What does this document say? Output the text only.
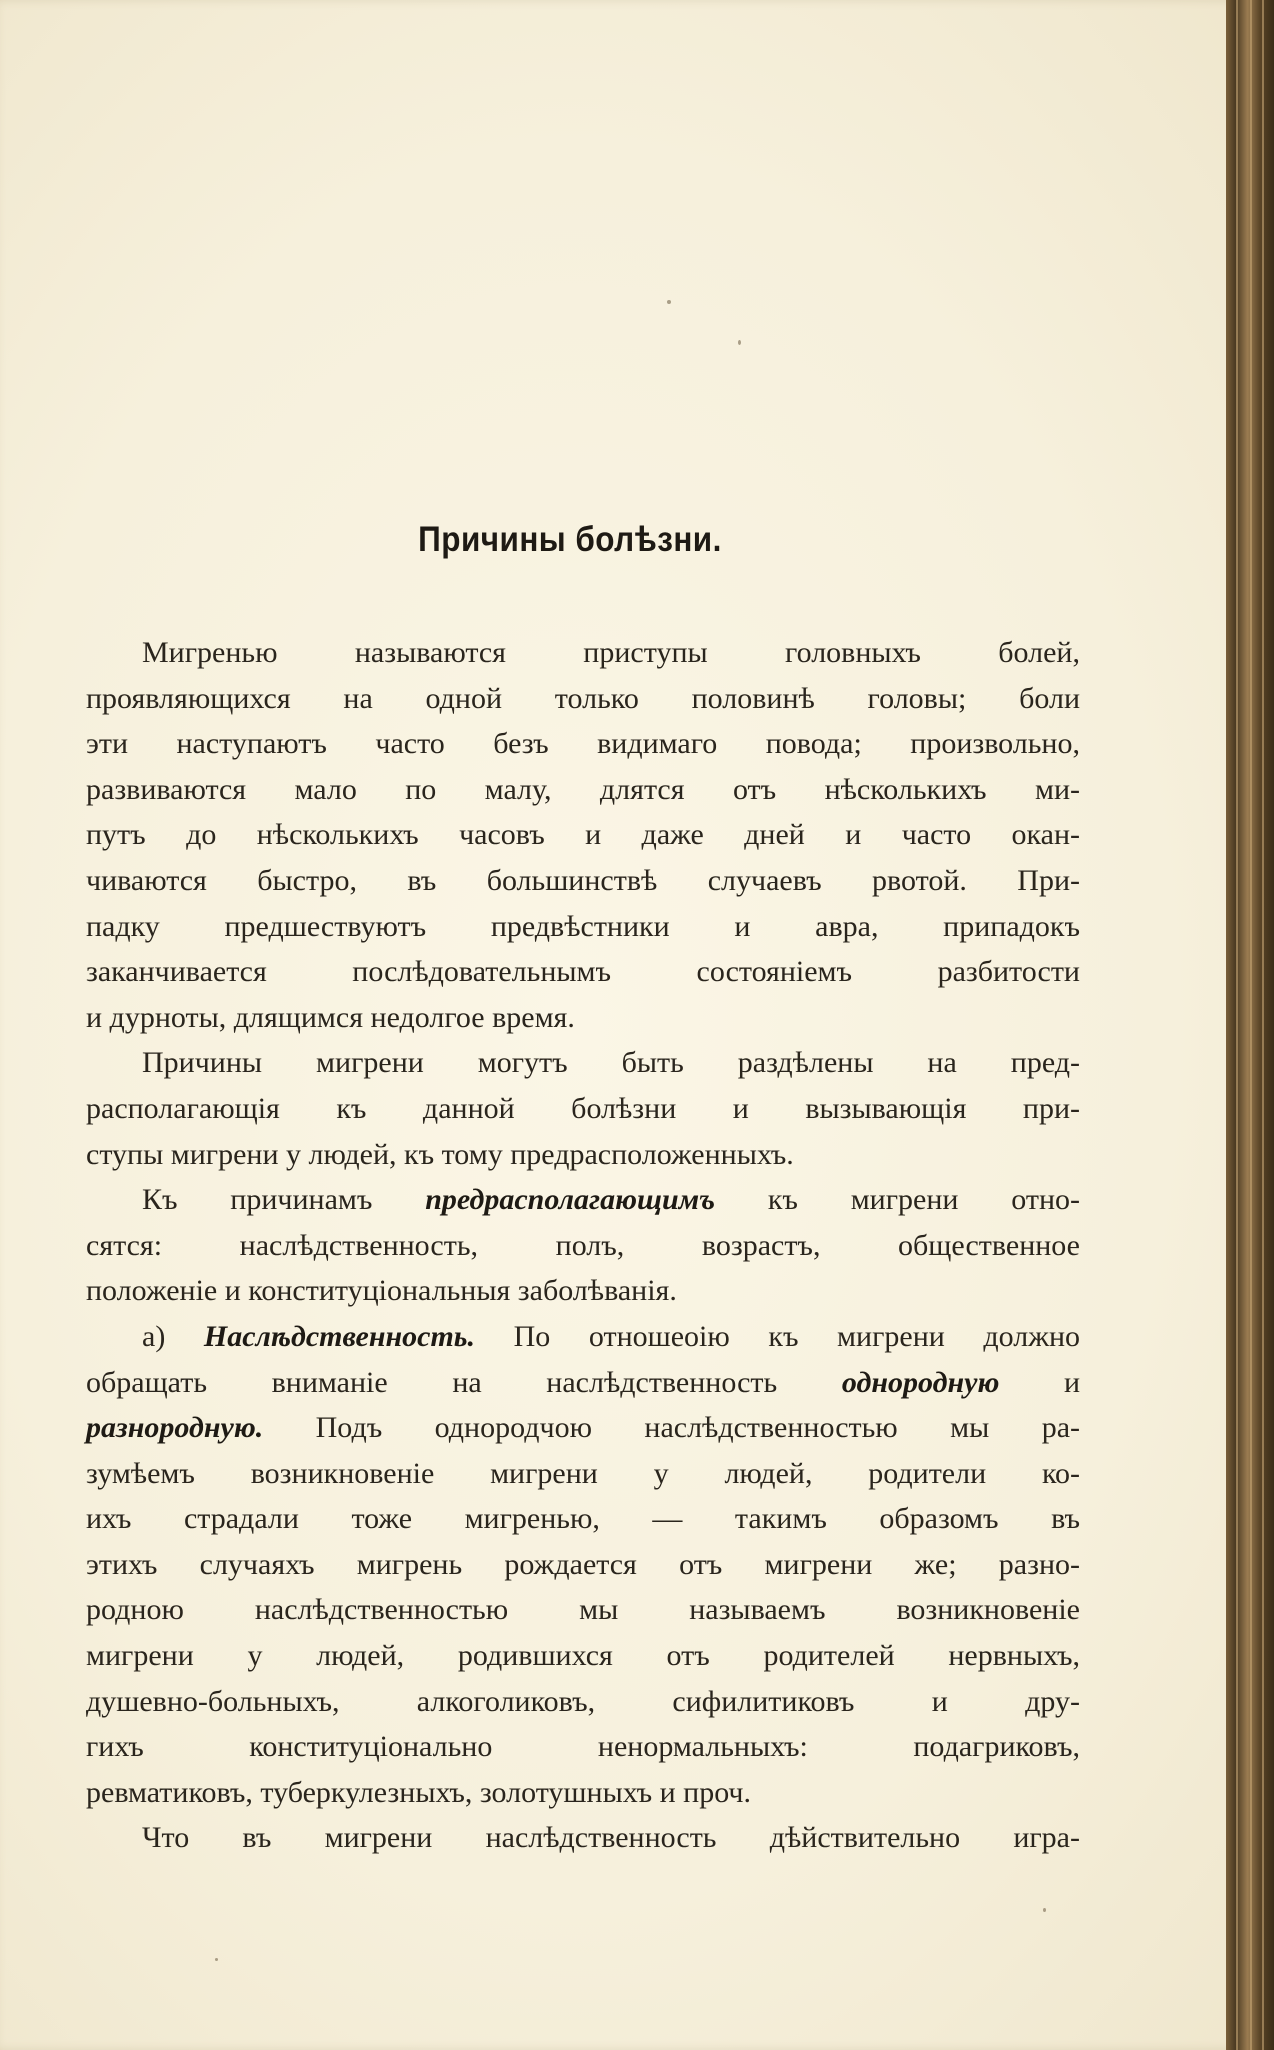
Причины болѣзни.
Мигренью называются приступы головныхъ болей,
проявляющихся на одной только половинѣ головы; боли
эти наступаютъ часто безъ видимаго повода; произвольно,
развиваются мало по малу, длятся отъ нѣсколькихъ ми-
путъ до нѣсколькихъ часовъ и даже дней и часто окан-
чиваются быстро, въ большинствѣ случаевъ рвотой. При-
падку предшествуютъ предвѣстники и авра, припадокъ
заканчивается послѣдовательнымъ состояніемъ разбитости
и дурноты, длящимся недолгое время.
Причины мигрени могутъ быть раздѣлены на пред-
располагающія къ данной болѣзни и вызывающія при-
ступы мигрени у людей, къ тому предрасположенныхъ.
Къ причинамъ предрасполагающимъ къ мигрени отно-
сятся: наслѣдственность, полъ, возрастъ, общественное
положеніе и конституціональныя заболѣванія.
а) Наслѣдственность. По отношеоію къ мигрени должно
обращать вниманіе на наслѣдственность однородную и
разнородную. Подъ однородчою наслѣдственностью мы ра-
зумѣемъ возникновеніе мигрени у людей, родители ко-
ихъ страдали тоже мигренью, — такимъ образомъ въ
этихъ случаяхъ мигрень рождается отъ мигрени же; разно-
родною наслѣдственностью мы называемъ возникновеніе
мигрени у людей, родившихся отъ родителей нервныхъ,
душевно-больныхъ, алкоголиковъ, сифилитиковъ и дру-
гихъ конституціонально ненормальныхъ: подагриковъ,
ревматиковъ, туберкулезныхъ, золотушныхъ и проч.
Что въ мигрени наслѣдственность дѣйствительно игра-
